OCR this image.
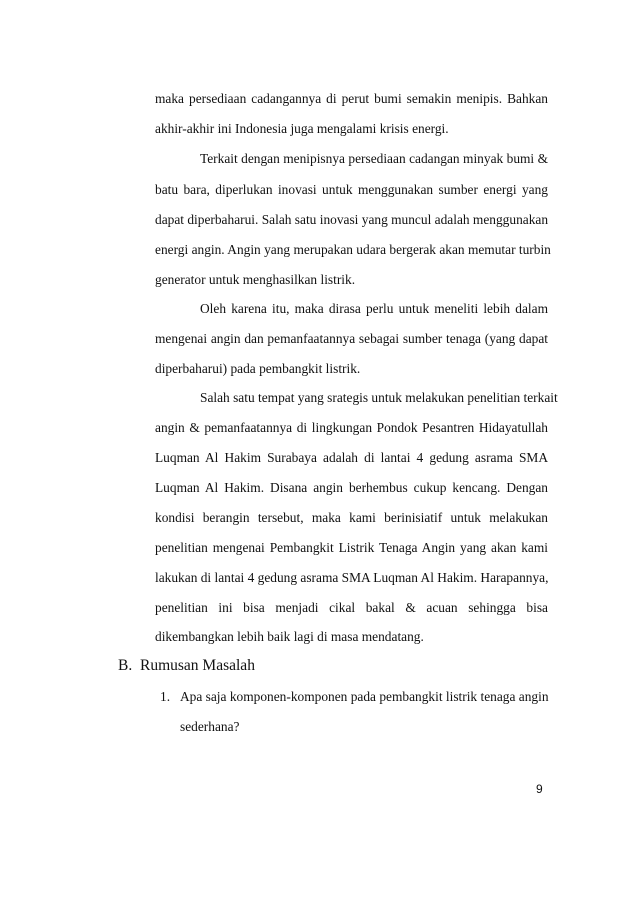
maka persediaan cadangannya di perut bumi semakin menipis. Bahkan
akhir-akhir ini Indonesia juga mengalami krisis energi.
Terkait dengan menipisnya persediaan cadangan minyak bumi &
batu bara, diperlukan inovasi untuk menggunakan sumber energi yang
dapat diperbaharui. Salah satu inovasi yang muncul adalah menggunakan
energi angin. Angin yang merupakan udara bergerak akan memutar turbin
generator untuk menghasilkan listrik.
Oleh karena itu, maka dirasa perlu untuk meneliti lebih dalam
mengenai angin dan pemanfaatannya sebagai sumber tenaga (yang dapat
diperbaharui) pada pembangkit listrik.
Salah satu tempat yang srategis untuk melakukan penelitian terkait
angin & pemanfaatannya di lingkungan Pondok Pesantren Hidayatullah
Luqman Al Hakim Surabaya adalah di lantai 4 gedung asrama SMA
Luqman Al Hakim. Disana angin berhembus cukup kencang. Dengan
kondisi berangin tersebut, maka kami berinisiatif untuk melakukan
penelitian mengenai Pembangkit Listrik Tenaga Angin yang akan kami
lakukan di lantai 4 gedung asrama SMA Luqman Al Hakim. Harapannya,
penelitian ini bisa menjadi cikal bakal & acuan sehingga bisa
dikembangkan lebih baik lagi di masa mendatang.
B. Rumusan Masalah
1. Apa saja komponen-komponen pada pembangkit listrik tenaga angin
sederhana?
9
